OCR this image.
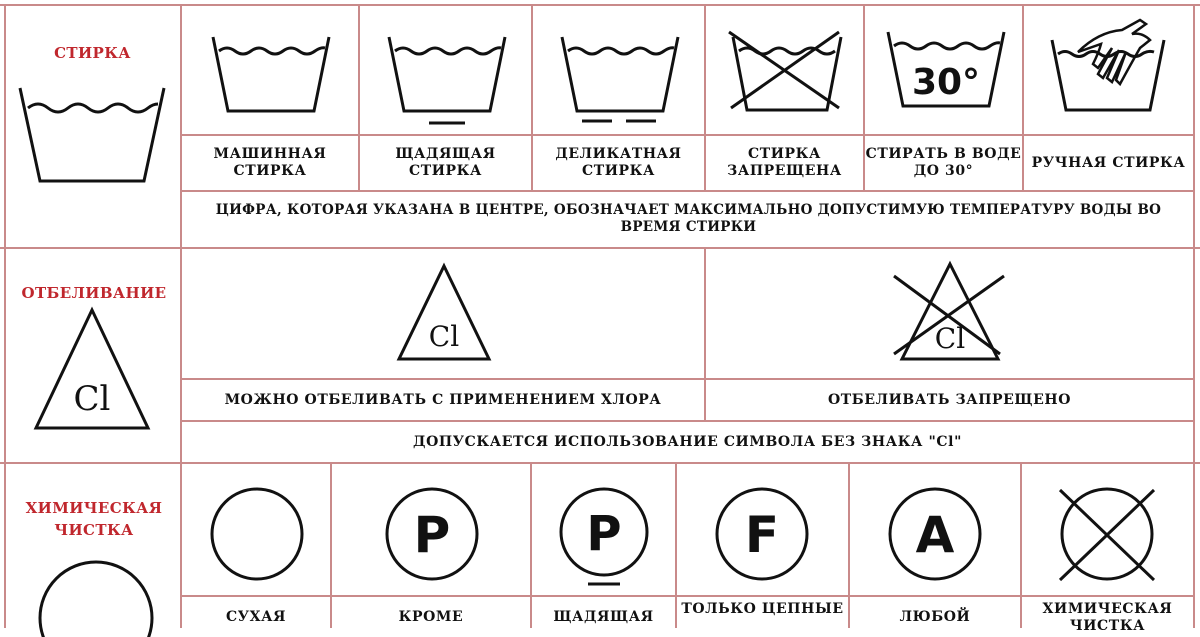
СТИРКА
МАШИННАЯ СТИРКА
ЩАДЯЩАЯ СТИРКА
ДЕЛИКАТНАЯ СТИРКА
СТИРКА ЗАПРЕЩЕНА
30°
СТИРАТЬ В ВОДЕ ДО 30°
РУЧНАЯ СТИРКА
ЦИФРА, КОТОРАЯ УКАЗАНА В ЦЕНТРЕ, ОБОЗНАЧАЕТ МАКСИМАЛЬНО ДОПУСТИМУЮ ТЕМПЕРАТУРУ ВОДЫ ВО ВРЕМЯ СТИРКИ
ОТБЕЛИВАНИЕ
Cl
Cl
МОЖНО ОТБЕЛИВАТЬ С ПРИМЕНЕНИЕМ ХЛОРА
Cl
ОТБЕЛИВАТЬ ЗАПРЕЩЕНО
ДОПУСКАЕТСЯ ИСПОЛЬЗОВАНИЕ СИМВОЛА БЕЗ ЗНАКА "Cl"
ХИМИЧЕСКАЯ ЧИСТКА
СУХАЯ
P
КРОМЕ
P
ЩАДЯЩАЯ
F
ТОЛЬКО ЦЕПНЫЕ
A
ЛЮБОЙ	ХИМИЧЕСКАЯ ЧИСТКА
